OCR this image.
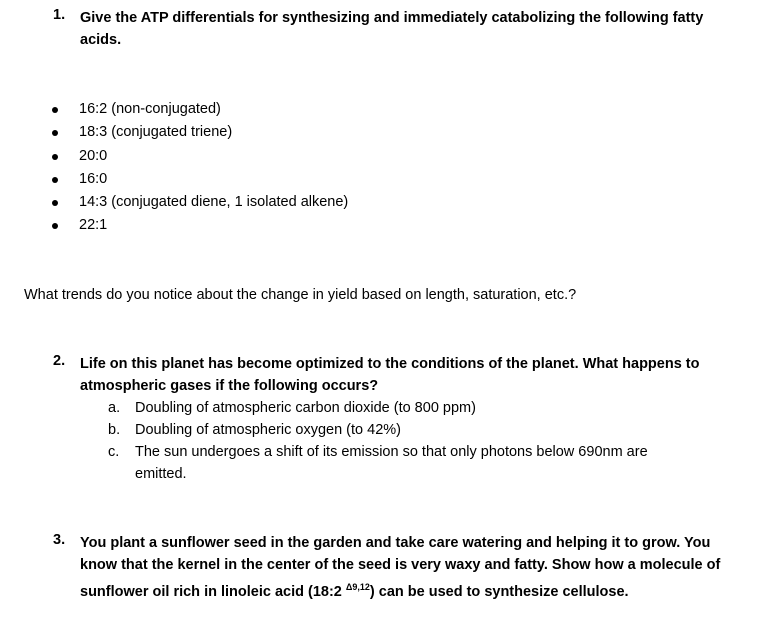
1. Give the ATP differentials for synthesizing and immediately catabolizing the following fatty acids.
16:2 (non-conjugated)
18:3 (conjugated triene)
20:0
16:0
14:3 (conjugated diene, 1 isolated alkene)
22:1
What trends do you notice about the change in yield based on length, saturation, etc.?
2. Life on this planet has become optimized to the conditions of the planet. What happens to atmospheric gases if the following occurs?
a. Doubling of atmospheric carbon dioxide (to 800 ppm)
b. Doubling of atmospheric oxygen (to 42%)
c. The sun undergoes a shift of its emission so that only photons below 690nm are emitted.
3. You plant a sunflower seed in the garden and take care watering and helping it to grow. You know that the kernel in the center of the seed is very waxy and fatty. Show how a molecule of sunflower oil rich in linoleic acid (18:2 $^{\Delta 9,12}$) can be used to synthesize cellulose.
